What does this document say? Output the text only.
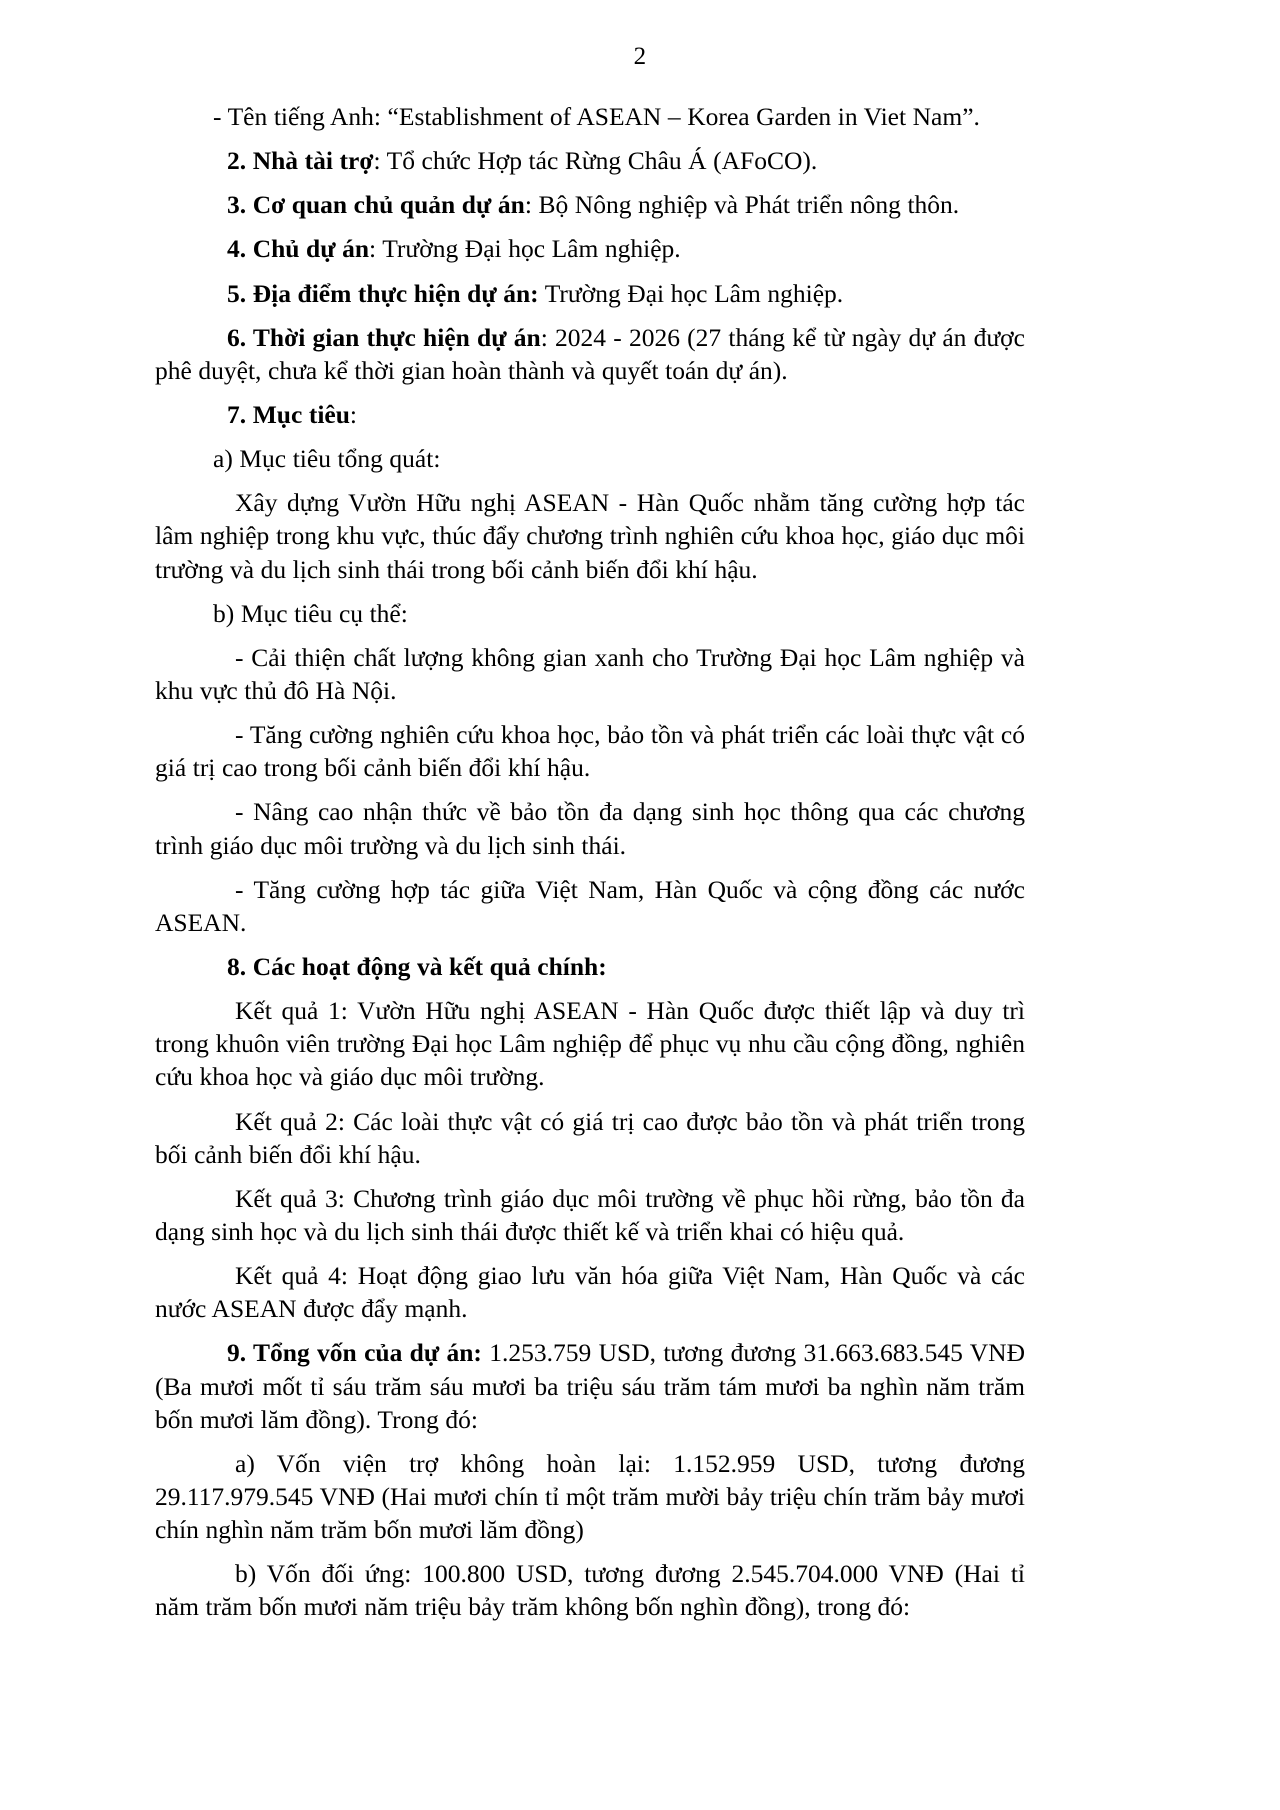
2

- Tên tiếng Anh: “Establishment of ASEAN – Korea Garden in Viet Nam”.

2. Nhà tài trợ: Tổ chức Hợp tác Rừng Châu Á (AFoCO).

3. Cơ quan chủ quản dự án: Bộ Nông nghiệp và Phát triển nông thôn.

4. Chủ dự án: Trường Đại học Lâm nghiệp.

5. Địa điểm thực hiện dự án: Trường Đại học Lâm nghiệp.

6. Thời gian thực hiện dự án: 2024 - 2026 (27 tháng kể từ ngày dự án được phê duyệt, chưa kể thời gian hoàn thành và quyết toán dự án).

7. Mục tiêu:

a) Mục tiêu tổng quát:

Xây dựng Vườn Hữu nghị ASEAN - Hàn Quốc nhằm tăng cường hợp tác lâm nghiệp trong khu vực, thúc đẩy chương trình nghiên cứu khoa học, giáo dục môi trường và du lịch sinh thái trong bối cảnh biến đổi khí hậu.

b) Mục tiêu cụ thể:

- Cải thiện chất lượng không gian xanh cho Trường Đại học Lâm nghiệp và khu vực thủ đô Hà Nội.

- Tăng cường nghiên cứu khoa học, bảo tồn và phát triển các loài thực vật có giá trị cao trong bối cảnh biến đổi khí hậu.

- Nâng cao nhận thức về bảo tồn đa dạng sinh học thông qua các chương trình giáo dục môi trường và du lịch sinh thái.

- Tăng cường hợp tác giữa Việt Nam, Hàn Quốc và cộng đồng các nước ASEAN.

8. Các hoạt động và kết quả chính:

Kết quả 1: Vườn Hữu nghị ASEAN - Hàn Quốc được thiết lập và duy trì trong khuôn viên trường Đại học Lâm nghiệp để phục vụ nhu cầu cộng đồng, nghiên cứu khoa học và giáo dục môi trường.

Kết quả 2: Các loài thực vật có giá trị cao được bảo tồn và phát triển trong bối cảnh biến đổi khí hậu.

Kết quả 3: Chương trình giáo dục môi trường về phục hồi rừng, bảo tồn đa dạng sinh học và du lịch sinh thái được thiết kế và triển khai có hiệu quả.

Kết quả 4: Hoạt động giao lưu văn hóa giữa Việt Nam, Hàn Quốc và các nước ASEAN được đẩy mạnh.

9. Tổng vốn của dự án: 1.253.759 USD, tương đương 31.663.683.545 VNĐ (Ba mươi mốt tỉ sáu trăm sáu mươi ba triệu sáu trăm tám mươi ba nghìn năm trăm bốn mươi lăm đồng). Trong đó:

a) Vốn viện trợ không hoàn lại: 1.152.959 USD, tương đương 29.117.979.545 VNĐ (Hai mươi chín tỉ một trăm mười bảy triệu chín trăm bảy mươi chín nghìn năm trăm bốn mươi lăm đồng)

b) Vốn đối ứng: 100.800 USD, tương đương 2.545.704.000 VNĐ (Hai tỉ năm trăm bốn mươi năm triệu bảy trăm không bốn nghìn đồng), trong đó:
